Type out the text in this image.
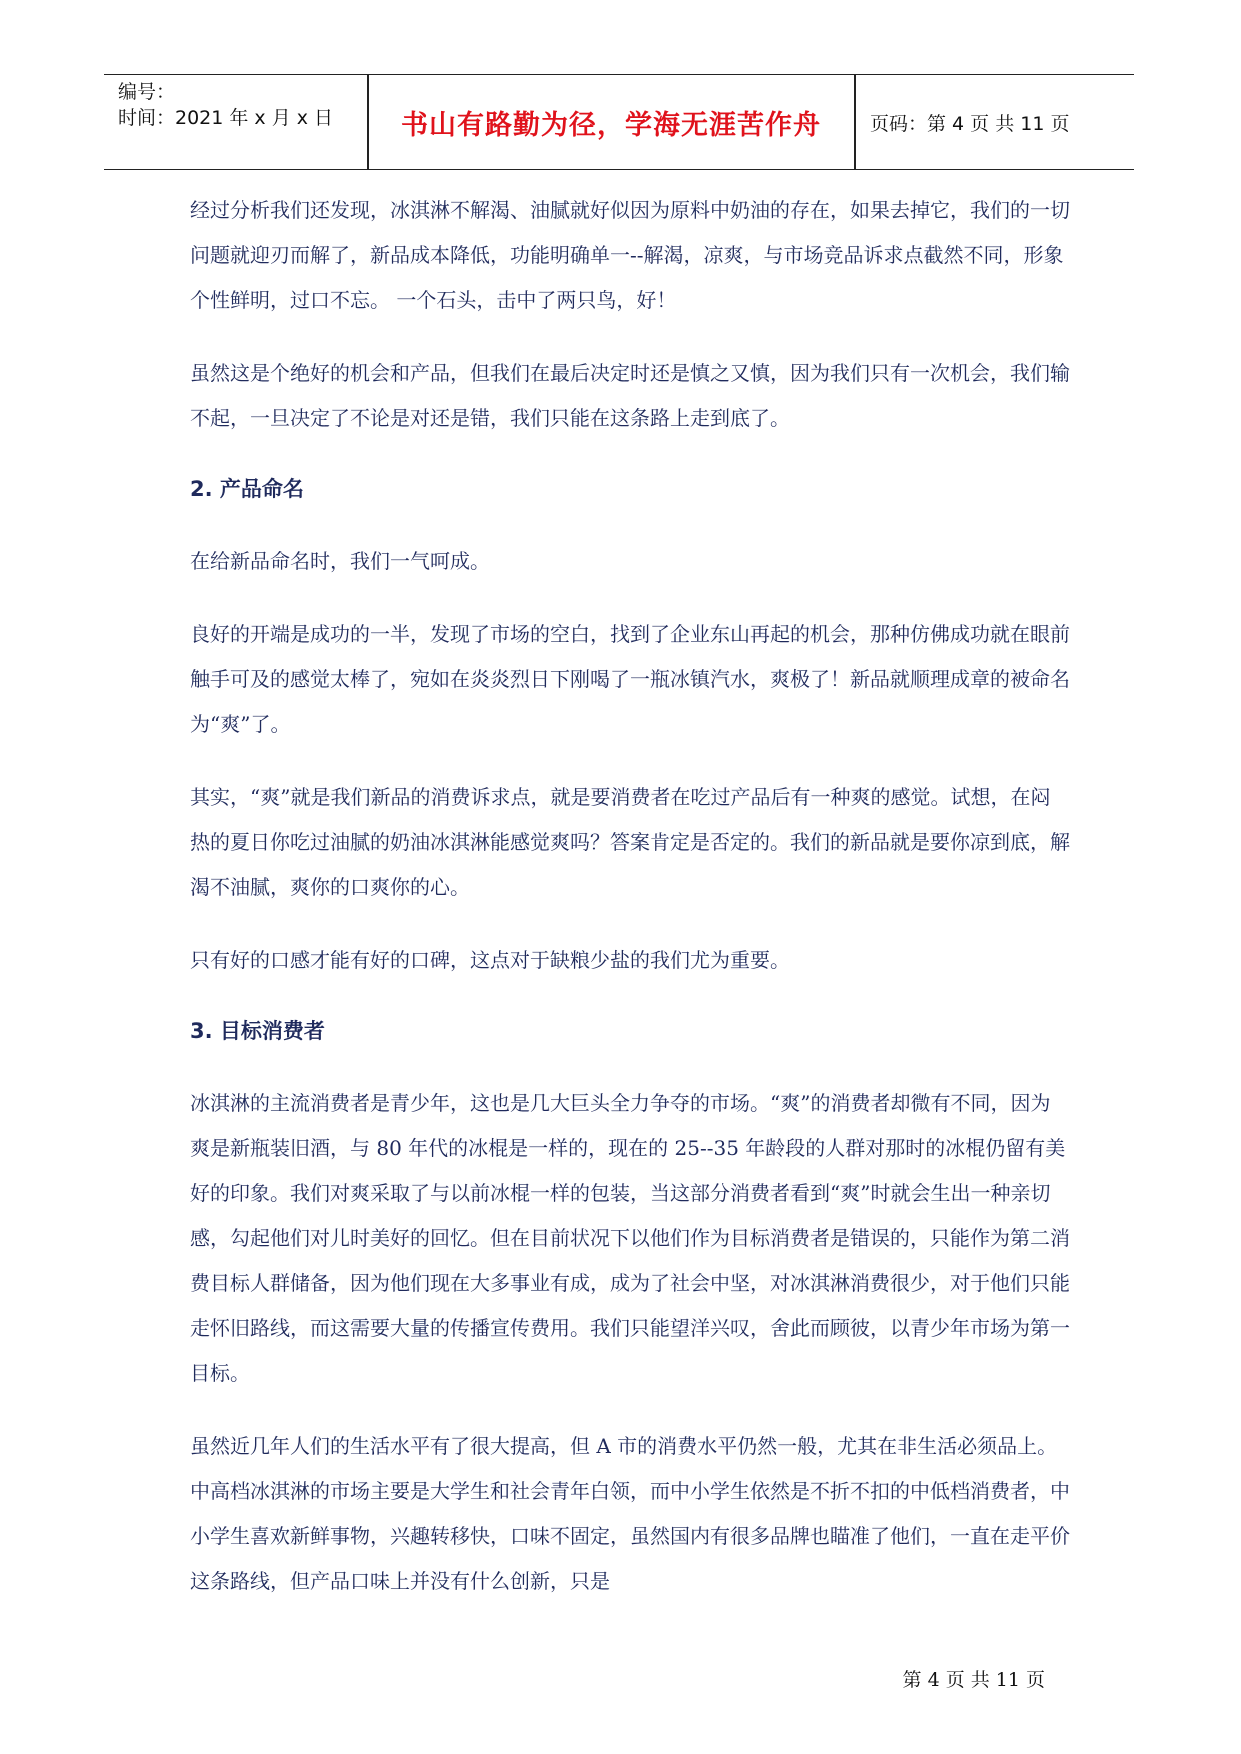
编号：
时间：2021 年 x 月 x 日	书山有路勤为径，学海无涯苦作舟	页码：第 4 页 共 11 页

经过分析我们还发现，冰淇淋不解渴、油腻就好似因为原料中奶油的存在，如果去掉它，我们的一切问题就迎刃而解了，新品成本降低，功能明确单一--解渴，凉爽，与市场竞品诉求点截然不同，形象个性鲜明，过口不忘。 一个石头，击中了两只鸟，好！

虽然这是个绝好的机会和产品，但我们在最后决定时还是慎之又慎，因为我们只有一次机会，我们输不起，一旦决定了不论是对还是错，我们只能在这条路上走到底了。

2. 产品命名

在给新品命名时，我们一气呵成。

良好的开端是成功的一半，发现了市场的空白，找到了企业东山再起的机会，那种仿佛成功就在眼前触手可及的感觉太棒了，宛如在炎炎烈日下刚喝了一瓶冰镇汽水，爽极了！新品就顺理成章的被命名为“爽”了。

其实，“爽”就是我们新品的消费诉求点，就是要消费者在吃过产品后有一种爽的感觉。试想，在闷热的夏日你吃过油腻的奶油冰淇淋能感觉爽吗？答案肯定是否定的。我们的新品就是要你凉到底，解渴不油腻，爽你的口爽你的心。

只有好的口感才能有好的口碑，这点对于缺粮少盐的我们尤为重要。

3. 目标消费者

冰淇淋的主流消费者是青少年，这也是几大巨头全力争夺的市场。“爽”的消费者却微有不同，因为爽是新瓶装旧酒，与 80 年代的冰棍是一样的，现在的 25--35 年龄段的人群对那时的冰棍仍留有美好的印象。我们对爽采取了与以前冰棍一样的包装，当这部分消费者看到“爽”时就会生出一种亲切感，勾起他们对儿时美好的回忆。但在目前状况下以他们作为目标消费者是错误的，只能作为第二消费目标人群储备，因为他们现在大多事业有成，成为了社会中坚，对冰淇淋消费很少，对于他们只能走怀旧路线，而这需要大量的传播宣传费用。我们只能望洋兴叹，舍此而顾彼，以青少年市场为第一目标。

虽然近几年人们的生活水平有了很大提高，但 A 市的消费水平仍然一般，尤其在非生活必须品上。中高档冰淇淋的市场主要是大学生和社会青年白领，而中小学生依然是不折不扣的中低档消费者，中小学生喜欢新鲜事物，兴趣转移快，口味不固定，虽然国内有很多品牌也瞄准了他们，一直在走平价这条路线，但产品口味上并没有什么创新，只是

第 4 页 共 11 页
